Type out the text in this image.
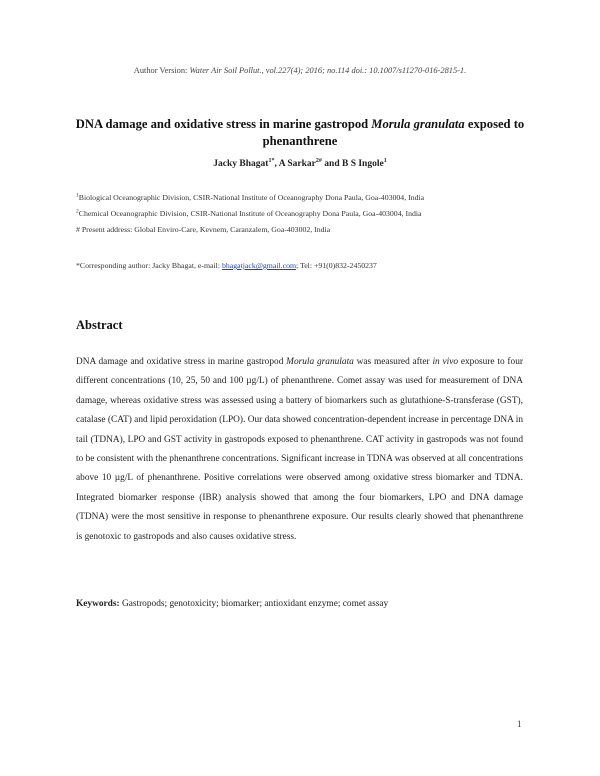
Author Version: Water Air Soil Pollut., vol.227(4); 2016; no.114 doi.: 10.1007/s11270-016-2815-1.
DNA damage and oxidative stress in marine gastropod Morula granulata exposed to phenanthrene
Jacky Bhagat$^{1*}$, A Sarkar$^{2\#}$ and B S Ingole$^1$
$^1$Biological Oceanographic Division, CSIR-National Institute of Oceanography Dona Paula, Goa-403004, India
$^2$Chemical Oceanographic Division, CSIR-National Institute of Oceanography Dona Paula, Goa-403004, India
# Present address: Global Enviro-Care, Kevnem, Caranzalem, Goa-403002, India
*Corresponding author: Jacky Bhagat, e-mail: bhagatjack@gmail.com; Tel: +91(0)832-2450237
Abstract
DNA damage and oxidative stress in marine gastropod Morula granulata was measured after in vivo exposure to four different concentrations (10, 25, 50 and 100 µg/L) of phenanthrene. Comet assay was used for measurement of DNA damage, whereas oxidative stress was assessed using a battery of biomarkers such as glutathione-S-transferase (GST), catalase (CAT) and lipid peroxidation (LPO). Our data showed concentration-dependent increase in percentage DNA in tail (TDNA), LPO and GST activity in gastropods exposed to phenanthrene. CAT activity in gastropods was not found to be consistent with the phenanthrene concentrations. Significant increase in TDNA was observed at all concentrations above 10 µg/L of phenanthrene. Positive correlations were observed among oxidative stress biomarker and TDNA. Integrated biomarker response (IBR) analysis showed that among the four biomarkers, LPO and DNA damage (TDNA) were the most sensitive in response to phenanthrene exposure. Our results clearly showed that phenanthrene is genotoxic to gastropods and also causes oxidative stress.
Keywords: Gastropods; genotoxicity; biomarker; antioxidant enzyme; comet assay
1
